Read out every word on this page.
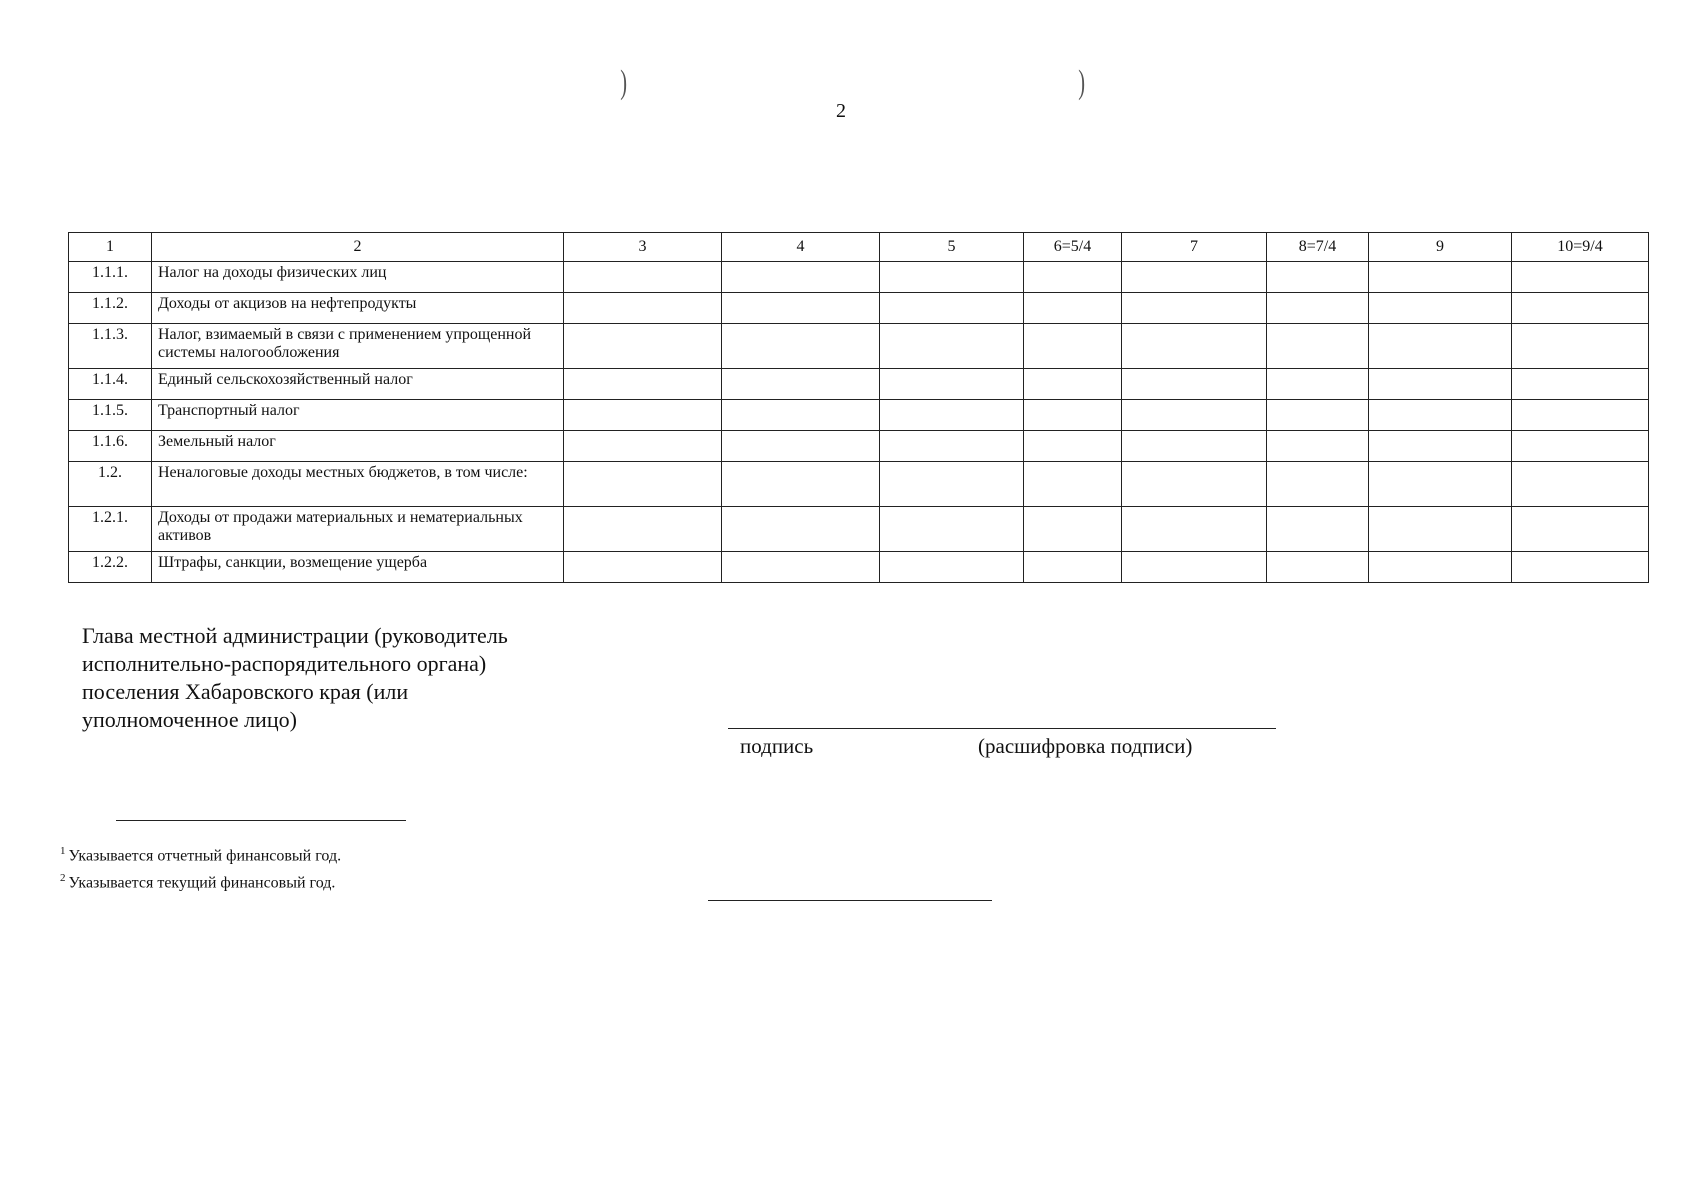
)	)
2
1	2	3	4	5	6=5/4	7	8=7/4	9	10=9/4
1.1.1.	Налог на доходы физических лиц								
1.1.2.	Доходы от акцизов на нефтепродукты								
1.1.3.	Налог, взимаемый в связи с применением упрощенной системы налогообложения								
1.1.4.	Единый сельскохозяйственный налог								
1.1.5.	Транспортный налог								
1.1.6.	Земельный налог								
1.2.	Неналоговые доходы местных бюджетов, в том числе:								
1.2.1.	Доходы от продажи материальных и нематериальных активов								
1.2.2.	Штрафы, санкции, возмещение ущерба								
Глава местной администрации (руководитель
исполнительно-распорядительного органа)
поселения Хабаровского края (или
уполномоченное лицо)
подпись	(расшифровка подписи)
$^1$ Указывается отчетный финансовый год.
$^2$ Указывается текущий финансовый год.
